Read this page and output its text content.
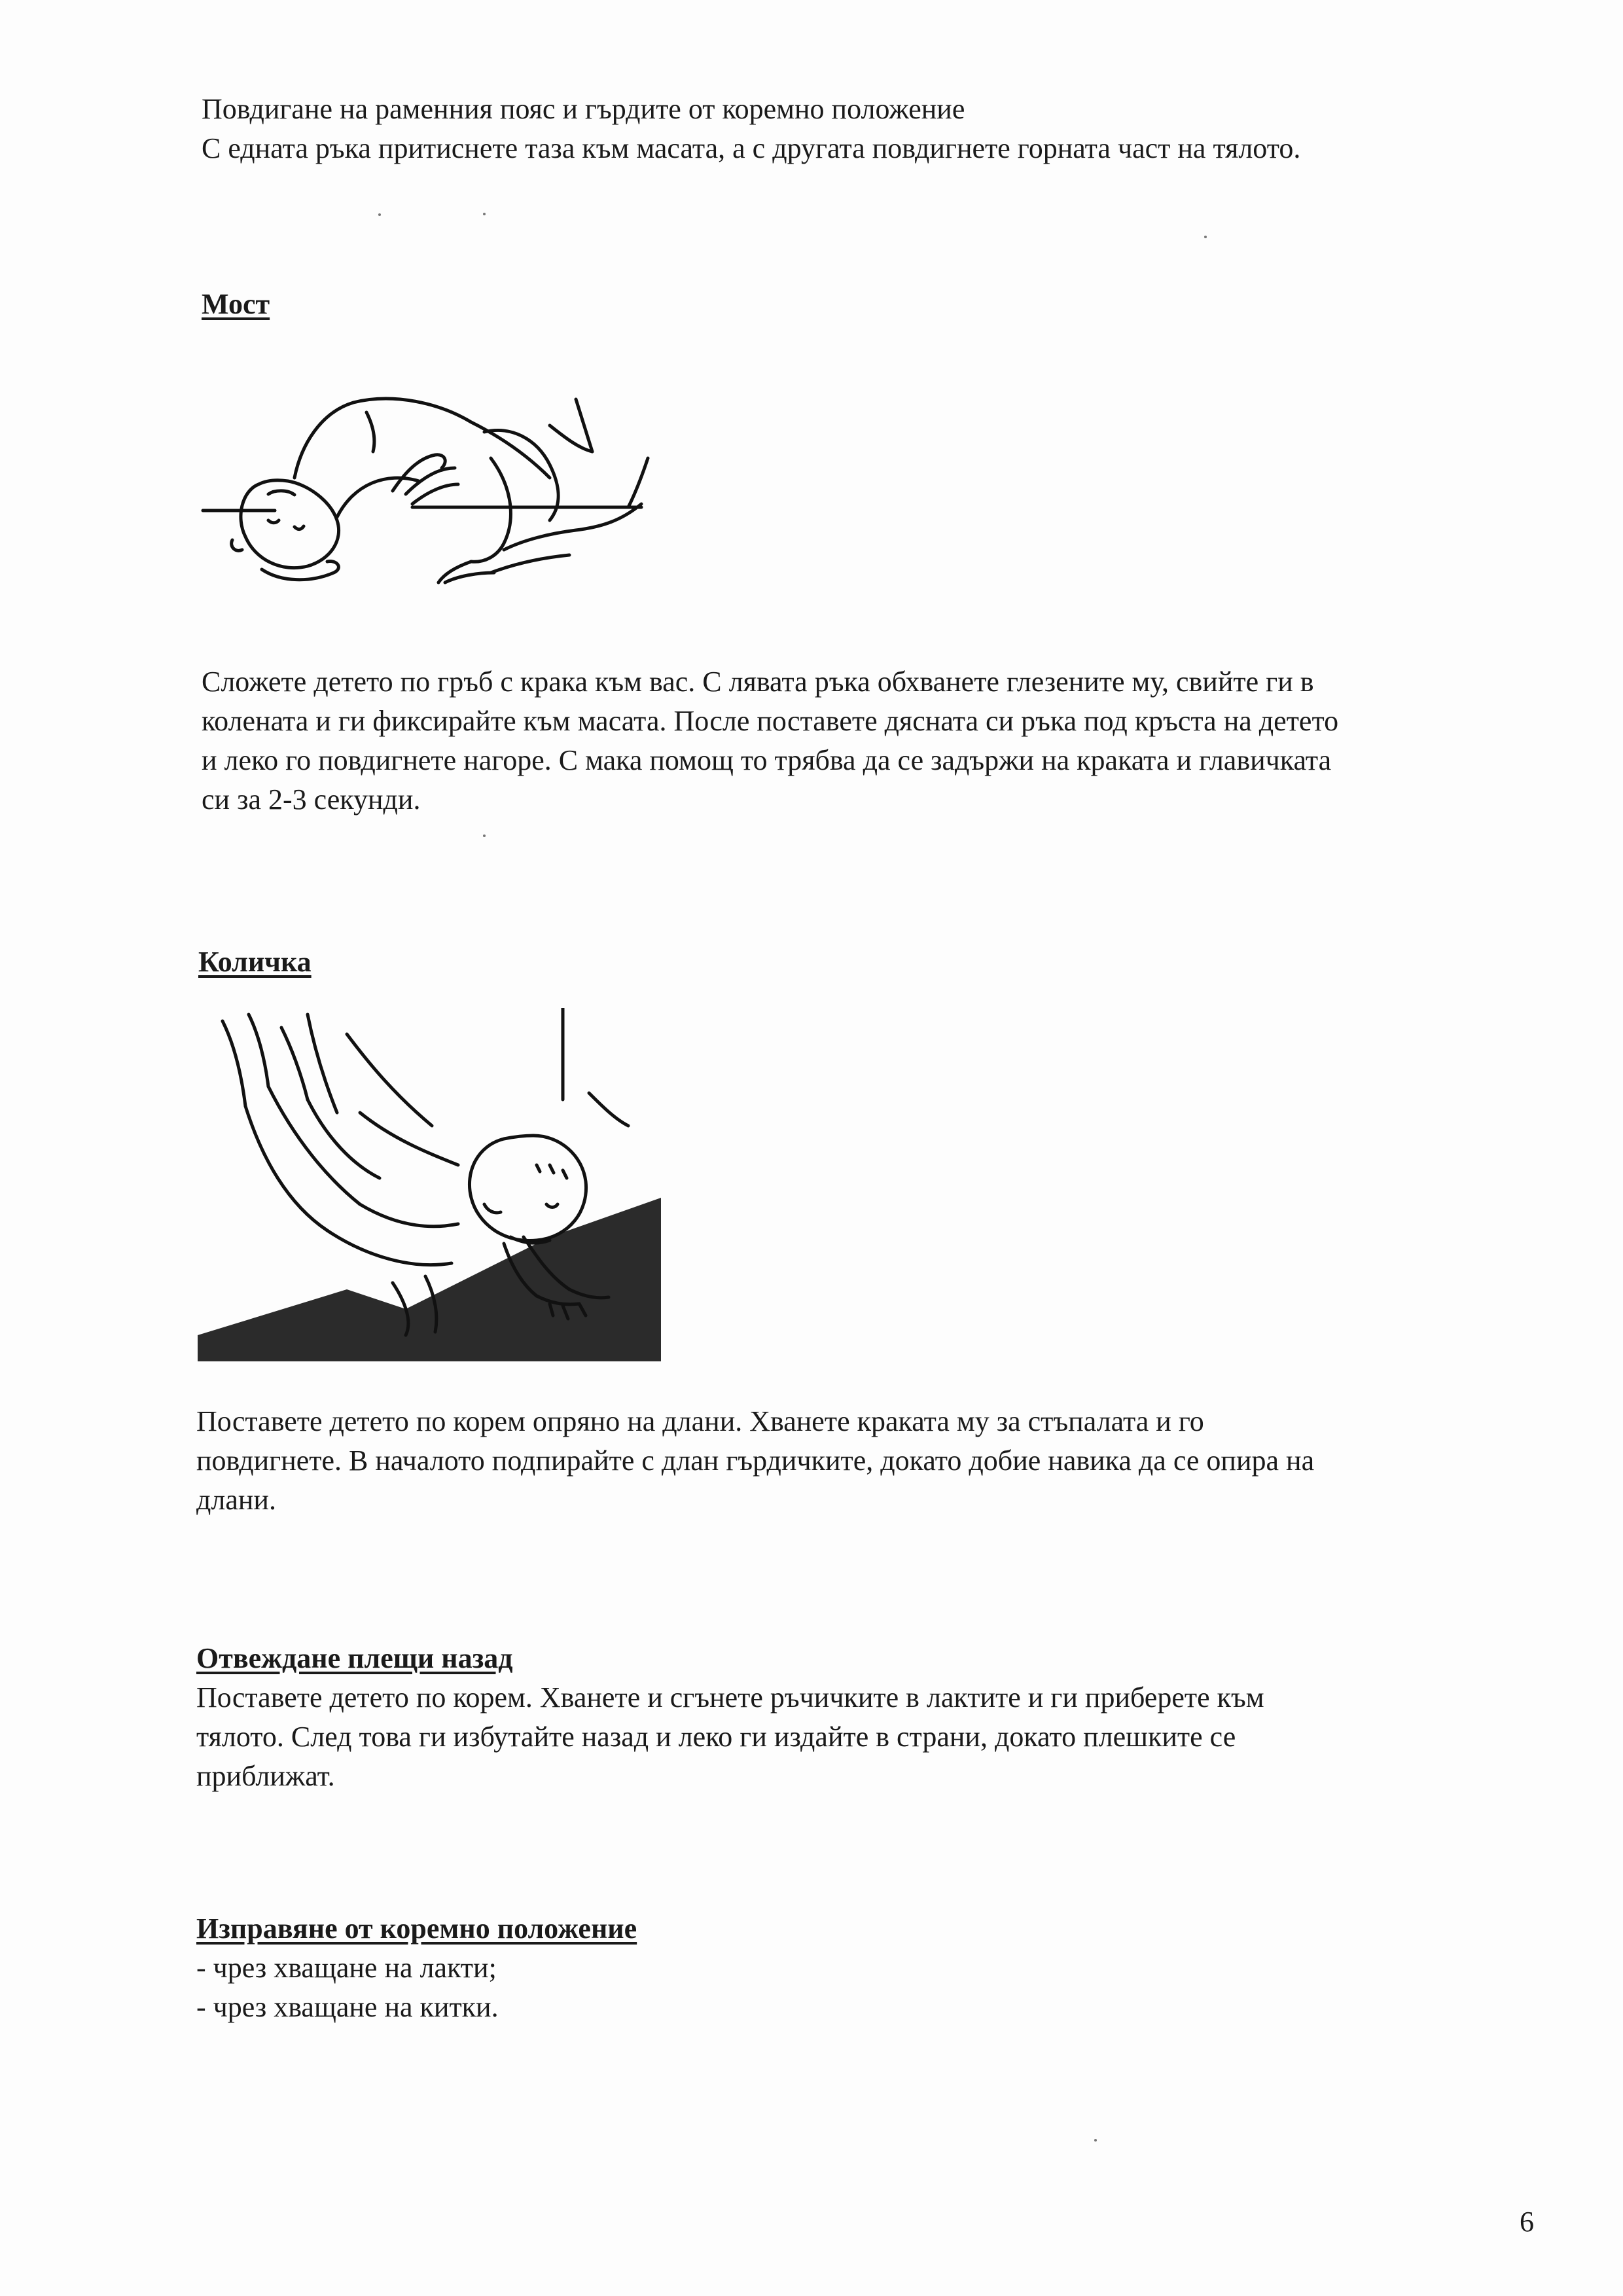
Повдигане на раменния пояс и гърдите от коремно положение
С едната ръка притиснете таза към масата, а с другата повдигнете горната част на тялото.
Мост
Сложете детето по гръб с крака към вас. С лявата ръка обхванете глезените му, свийте ги в
колената и ги фиксирайте към масата. После поставете дясната си ръка под кръста на детето
и леко го повдигнете нагоре. С мака помощ то трябва да се задържи на краката и главичката
си за 2-3 секунди.
Количка
Поставете детето по корем опряно на длани. Хванете краката му за стъпалата и го
повдигнете. В началото подпирайте с длан гърдичките, докато добие навика да се опира на
длани.
Отвеждане плещи назад
Поставете детето по корем. Хванете и сгънете ръчичките в лактите и ги приберете към
тялото. След това ги избутайте назад и леко ги издайте в страни, докато плешките се
приближат.
Изправяне от коремно положение
- чрез хващане на лакти;
- чрез хващане на китки.
6
